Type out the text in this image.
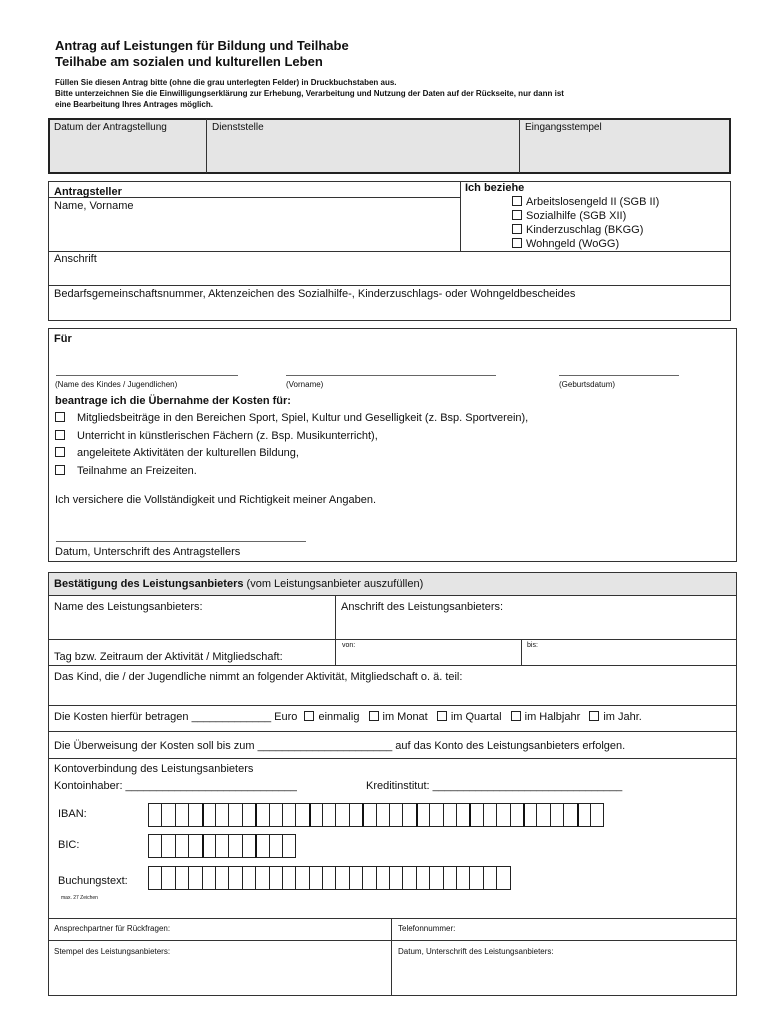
Antrag auf Leistungen für Bildung und Teilhabe
Teilhabe am sozialen und kulturellen Leben
Füllen Sie diesen Antrag bitte (ohne die grau unterlegten Felder) in Druckbuchstaben aus.
Bitte unterzeichnen Sie die Einwilligungserklärung zur Erhebung, Verarbeitung und Nutzung der Daten auf der Rückseite, nur dann ist
eine Bearbeitung Ihres Antrages möglich.
Datum der Antragstellung	Dienststelle	Eingangsstempel
Antragsteller
Name, Vorname
Ich beziehe
Arbeitslosengeld II (SGB II)
Sozialhilfe (SGB XII)
Kinderzuschlag (BKGG)
Wohngeld (WoGG)
Anschrift
Bedarfsgemeinschaftsnummer, Aktenzeichen des Sozialhilfe-, Kinderzuschlags- oder Wohngeldbescheides
Für
(Name des Kindes / Jugendlichen)	(Vorname)	(Geburtsdatum)
beantrage ich die Übernahme der Kosten für:
Mitgliedsbeiträge in den Bereichen Sport, Spiel, Kultur und Geselligkeit (z. Bsp. Sportverein),
Unterricht in künstlerischen Fächern (z. Bsp. Musikunterricht),
angeleitete Aktivitäten der kulturellen Bildung,
Teilnahme an Freizeiten.
Ich versichere die Vollständigkeit und Richtigkeit meiner Angaben.
Datum, Unterschrift des Antragstellers
Bestätigung des Leistungsanbieters (vom Leistungsanbieter auszufüllen)
Name des Leistungsanbieters:	Anschrift des Leistungsanbieters:
Tag bzw. Zeitraum der Aktivität / Mitgliedschaft:
von:	bis:
Das Kind, die / der Jugendliche nimmt an folgender Aktivität, Mitgliedschaft o. ä. teil:
Die Kosten hierfür betragen _____________ Euro einmalig im Monat im Quartal im Halbjahr im Jahr.
Die Überweisung der Kosten soll bis zum ______________________ auf das Konto des Leistungsanbieters erfolgen.
Kontoverbindung des Leistungsanbieters
Kontoinhaber: ____________________________	Kreditinstitut: _______________________________
IBAN:
BIC:
Buchungstext:
max. 27 Zeichen
Ansprechpartner für Rückfragen:	Telefonnummer:
Stempel des Leistungsanbieters:	Datum, Unterschrift des Leistungsanbieters:
